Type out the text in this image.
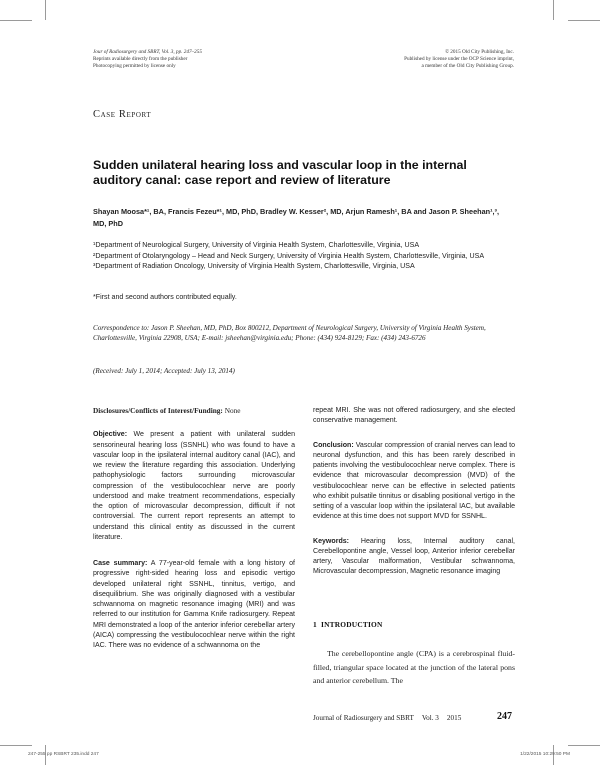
Jour of Radiosurgery and SBRT, Vol. 3, pp. 247–255
Reprints available directly from the publisher
Photocopying permitted by license only
© 2015 Old City Publishing, Inc.
Published by license under the OCP Science imprint,
a member of the Old City Publishing Group.
Case Report
Sudden unilateral hearing loss and vascular loop in the internal auditory canal: case report and review of literature
Shayan Moosa*¹, BA, Francis Fezeu*¹, MD, PhD, Bradley W. Kesser², MD, Arjun Ramesh¹, BA and Jason P. Sheehan¹,³, MD, PhD
¹Department of Neurological Surgery, University of Virginia Health System, Charlottesville, Virginia, USA
²Department of Otolaryngology – Head and Neck Surgery, University of Virginia Health System, Charlottesville, Virginia, USA
³Department of Radiation Oncology, University of Virginia Health System, Charlottesville, Virginia, USA
*First and second authors contributed equally.
Correspondence to: Jason P. Sheehan, MD, PhD, Box 800212, Department of Neurological Surgery, University of Virginia Health System, Charlottesville, Virginia 22908, USA; E-mail: jsheehan@virginia.edu; Phone: (434) 924-8129; Fax: (434) 243-6726
(Received: July 1, 2014; Accepted: July 13, 2014)

Disclosures/Conflicts of Interest/Funding: None

Objective: We present a patient with unilateral sudden sensorineural hearing loss (SSNHL) who was found to have a vascular loop in the ipsilateral internal auditory canal (IAC), and we review the literature regarding this association. Underlying pathophysiologic factors surrounding microvascular compression of the vestibulocochlear nerve are poorly understood and make treatment recommendations, especially the option of microvascular decompression, difficult if not controversial. The current report represents an attempt to understand this clinical entity as discussed in the current literature.

Case summary: A 77-year-old female with a long history of progressive right-sided hearing loss and episodic vertigo developed unilateral right SSNHL, tinnitus, vertigo, and disequilibrium. She was originally diagnosed with a vestibular schwannoma on magnetic resonance imaging (MRI) and was referred to our institution for Gamma Knife radiosurgery. Repeat MRI demonstrated a loop of the anterior inferior cerebellar artery (AICA) compressing the vestibulocochlear nerve within the right IAC. There was no evidence of a schwannoma on the

repeat MRI. She was not offered radiosurgery, and she elected conservative management.

Conclusion: Vascular compression of cranial nerves can lead to neuronal dysfunction, and this has been rarely described in patients involving the vestibulocochlear nerve complex. There is evidence that microvascular decompression (MVD) of the vestibulocochlear nerve can be effective in selected patients who exhibit pulsatile tinnitus or disabling positional vertigo in the setting of a vascular loop within the ipsilateral IAC, but available evidence at this time does not support MVD for SSNHL.

Keywords: Hearing loss, Internal auditory canal, Cerebellopontine angle, Vessel loop, Anterior inferior cerebellar artery, Vascular malformation, Vestibular schwannoma, Microvascular decompression, Magnetic resonance imaging

1 INTRODUCTION

The cerebellopontine angle (CPA) is a cerebrospinal fluid-filled, triangular space located at the junction of the lateral pons and anterior cerebellum. The

Journal of Radiosurgery and SBRT Vol. 3 2015	247
247-255 pp RSBRT 235.indd 247	1/22/2015 10:29:50 PM
